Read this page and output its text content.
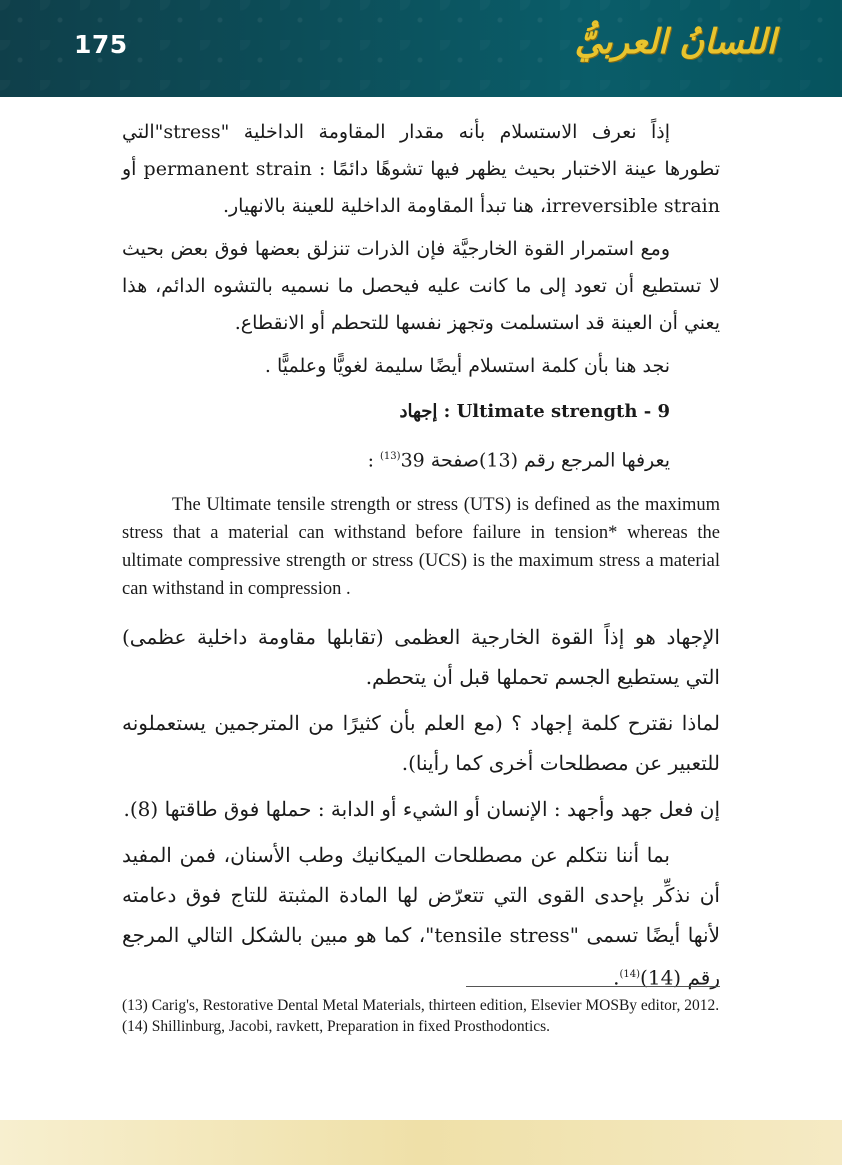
175	اللسانُ العربيُّ

إذاً نعرف الاستسلام بأنه مقدار المقاومة الداخلية "stress"التي تطورها عينة الاختبار بحيث يظهر فيها تشوهًا دائمًا : permanent strain أو irreversible strain، هنا تبدأ المقاومة الداخلية للعينة بالانهيار.

ومع استمرار القوة الخارجيَّة فإن الذرات تنزلق بعضها فوق بعض بحيث لا تستطيع أن تعود إلى ما كانت عليه فيحصل ما نسميه بالتشوه الدائم، هذا يعني أن العينة قد استسلمت وتجهز نفسها للتحطم أو الانقطاع.

نجد هنا بأن كلمة استسلام أيضًا سليمة لغويًّا وعلميًّا .

9 - Ultimate strength : إجهاد

يعرفها المرجع رقم (13)صفحة 39$^{(13)}$ :

The Ultimate tensile strength or stress (UTS) is defined as the maximum stress that a material can withstand before failure in tension* whereas the ultimate compressive strength or stress (UCS) is the maximum stress a material can withstand in compression .

الإجهاد هو إذاً القوة الخارجية العظمى (تقابلها مقاومة داخلية عظمى) التي يستطيع الجسم تحملها قبل أن يتحطم.

لماذا نقترح كلمة إجهاد ؟ (مع العلم بأن كثيرًا من المترجمين يستعملونه للتعبير عن مصطلحات أخرى كما رأينا).

إن فعل جهد وأجهد : الإنسان أو الشيء أو الدابة : حملها فوق طاقتها (8).

بما أننا نتكلم عن مصطلحات الميكانيك وطب الأسنان، فمن المفيد أن نذكِّر بإحدى القوى التي تتعرّض لها المادة المثبتة للتاج فوق دعامته لأنها أيضًا تسمى "tensile stress"، كما هو مبين بالشكل التالي المرجع رقم $(14)^{(14)}$.

(13) Carig's, Restorative Dental Metal Materials, thirteen edition, Elsevier MOSBy editor, 2012.

(14) Shillinburg, Jacobi, ravkett, Preparation in fixed Prosthodontics.
